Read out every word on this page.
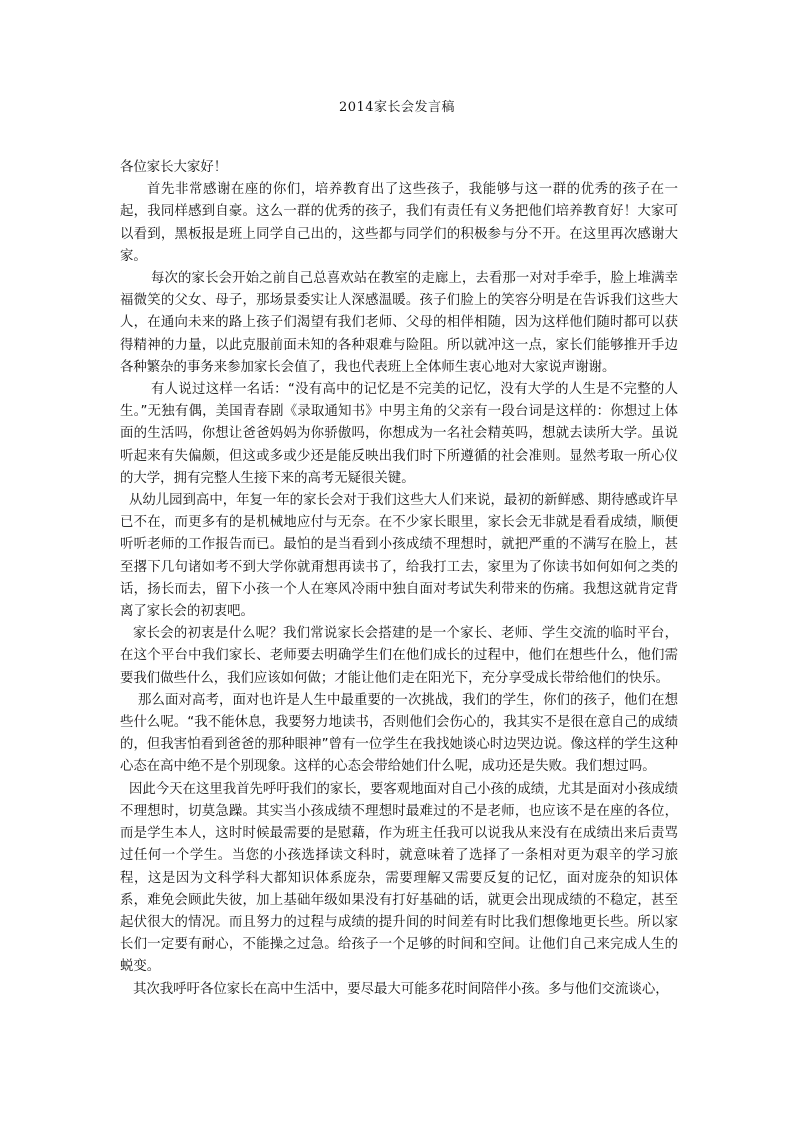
2014家长会发言稿

各位家长大家好！

首先非常感谢在座的你们，培养教育出了这些孩子，我能够与这一群的优秀的孩子在一起，我同样感到自豪。这么一群的优秀的孩子，我们有责任有义务把他们培养教育好！大家可以看到，黑板报是班上同学自己出的，这些都与同学们的积极参与分不开。在这里再次感谢大家。

每次的家长会开始之前自己总喜欢站在教室的走廊上，去看那一对对手牵手，脸上堆满幸福微笑的父女、母子，那场景委实让人深感温暖。孩子们脸上的笑容分明是在告诉我们这些大人，在通向未来的路上孩子们渴望有我们老师、父母的相伴相随，因为这样他们随时都可以获得精神的力量，以此克服前面未知的各种艰难与险阻。所以就冲这一点，家长们能够推开手边各种繁杂的事务来参加家长会值了，我也代表班上全体师生衷心地对大家说声谢谢。

有人说过这样一名话：“没有高中的记忆是不完美的记忆，没有大学的人生是不完整的人生。”无独有偶，美国青春剧《录取通知书》中男主角的父亲有一段台词是这样的：你想过上体面的生活吗，你想让爸爸妈妈为你骄傲吗，你想成为一名社会精英吗，想就去读所大学。虽说听起来有失偏颇，但这或多或少还是能反映出我们时下所遵循的社会准则。显然考取一所心仪的大学，拥有完整人生接下来的高考无疑很关键。

从幼儿园到高中，年复一年的家长会对于我们这些大人们来说，最初的新鲜感、期待感或许早已不在，而更多有的是机械地应付与无奈。在不少家长眼里，家长会无非就是看看成绩，顺便听听老师的工作报告而已。最怕的是当看到小孩成绩不理想时，就把严重的不满写在脸上，甚至撂下几句诸如考不到大学你就甭想再读书了，给我打工去，家里为了你读书如何如何之类的话，扬长而去，留下小孩一个人在寒风冷雨中独自面对考试失利带来的伤痛。我想这就肯定背离了家长会的初衷吧。

家长会的初衷是什么呢？我们常说家长会搭建的是一个家长、老师、学生交流的临时平台，在这个平台中我们家长、老师要去明确学生们在他们成长的过程中，他们在想些什么，他们需要我们做些什么，我们应该如何做；才能让他们走在阳光下，充分享受成长带给他们的快乐。

那么面对高考，面对也许是人生中最重要的一次挑战，我们的学生，你们的孩子，他们在想些什么呢。“我不能休息，我要努力地读书，否则他们会伤心的，我其实不是很在意自己的成绩的，但我害怕看到爸爸的那种眼神”曾有一位学生在我找她谈心时边哭边说。像这样的学生这种心态在高中绝不是个别现象。这样的心态会带给她们什么呢，成功还是失败。我们想过吗。

因此今天在这里我首先呼吁我们的家长，要客观地面对自己小孩的成绩，尤其是面对小孩成绩不理想时，切莫急躁。其实当小孩成绩不理想时最难过的不是老师，也应该不是在座的各位，而是学生本人，这时时候最需要的是慰藉，作为班主任我可以说我从来没有在成绩出来后责骂过任何一个学生。当您的小孩选择读文科时，就意味着了选择了一条相对更为艰辛的学习旅程，这是因为文科学科大都知识体系庞杂，需要理解又需要反复的记忆，面对庞杂的知识体系，难免会顾此失彼，加上基础年级如果没有打好基础的话，就更会出现成绩的不稳定，甚至起伏很大的情况。而且努力的过程与成绩的提升间的时间差有时比我们想像地更长些。所以家长们一定要有耐心，不能操之过急。给孩子一个足够的时间和空间。让他们自己来完成人生的蜕变。

其次我呼吁各位家长在高中生活中，要尽最大可能多花时间陪伴小孩。多与他们交流谈心，
